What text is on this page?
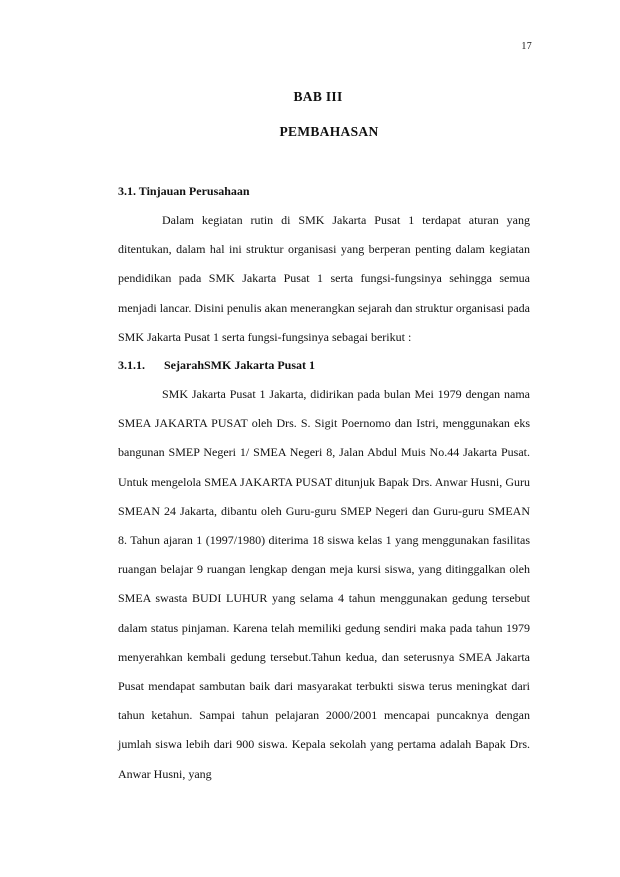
17
BAB III
PEMBAHASAN
3.1. Tinjauan Perusahaan

Dalam kegiatan rutin di SMK Jakarta Pusat 1 terdapat aturan yang ditentukan, dalam hal ini struktur organisasi yang berperan penting dalam kegiatan pendidikan pada SMK Jakarta Pusat 1 serta fungsi-fungsinya sehingga semua menjadi lancar. Disini penulis akan menerangkan sejarah dan struktur organisasi pada SMK Jakarta Pusat 1 serta fungsi-fungsinya sebagai berikut :

3.1.1. SejarahSMK Jakarta Pusat 1

SMK Jakarta Pusat 1 Jakarta, didirikan pada bulan Mei 1979 dengan nama SMEA JAKARTA PUSAT oleh Drs. S. Sigit Poernomo dan Istri, menggunakan eks bangunan SMEP Negeri 1/ SMEA Negeri 8, Jalan Abdul Muis No.44 Jakarta Pusat. Untuk mengelola SMEA JAKARTA PUSAT ditunjuk Bapak Drs. Anwar Husni, Guru SMEAN 24 Jakarta, dibantu oleh Guru-guru SMEP Negeri dan Guru-guru SMEAN 8. Tahun ajaran 1 (1997/1980) diterima 18 siswa kelas 1 yang menggunakan fasilitas ruangan belajar 9 ruangan lengkap dengan meja kursi siswa, yang ditinggalkan oleh SMEA swasta BUDI LUHUR yang selama 4 tahun menggunakan gedung tersebut dalam status pinjaman. Karena telah memiliki gedung sendiri maka pada tahun 1979 menyerahkan kembali gedung tersebut.Tahun kedua, dan seterusnya SMEA Jakarta Pusat mendapat sambutan baik dari masyarakat terbukti siswa terus meningkat dari tahun ketahun. Sampai tahun pelajaran 2000/2001 mencapai puncaknya dengan jumlah siswa lebih dari 900 siswa. Kepala sekolah yang pertama adalah Bapak Drs. Anwar Husni, yang
